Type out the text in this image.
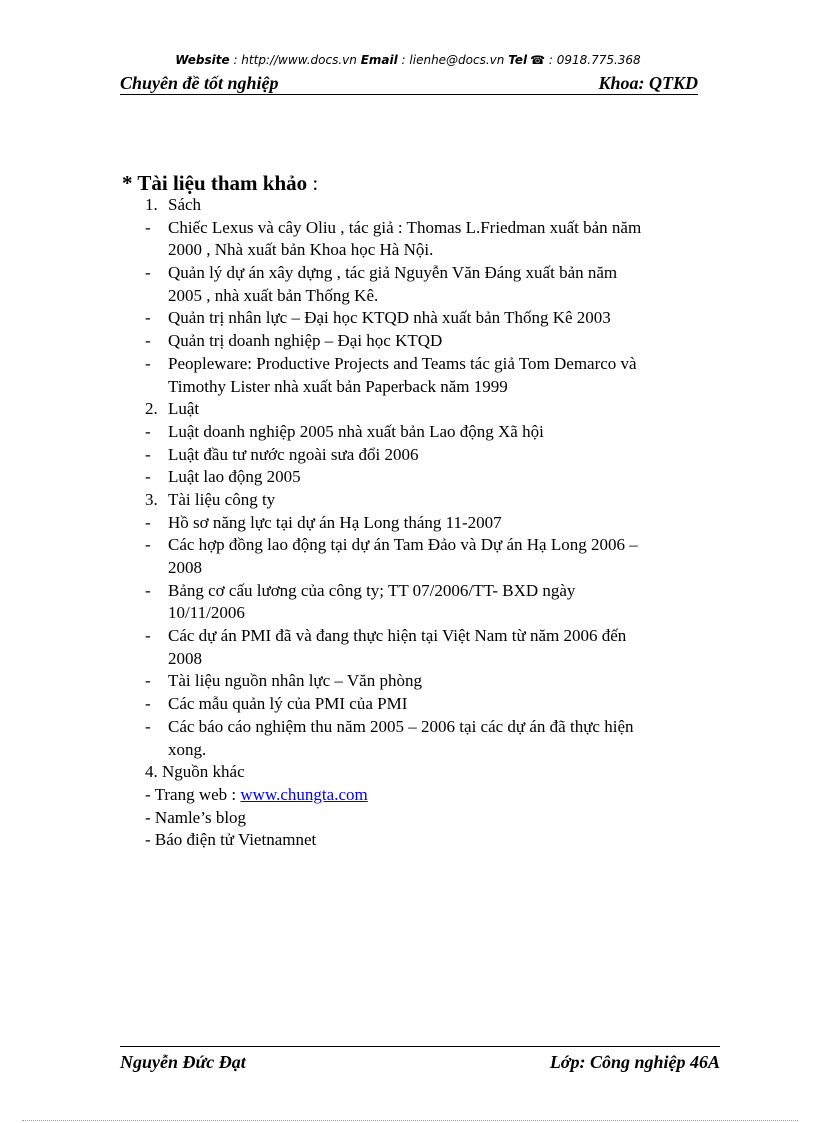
Website : http://www.docs.vn Email : lienhe@docs.vn Tel ☎ : 0918.775.368
Chuyên đề tốt nghiệp	Khoa: QTKD
* Tài liệu tham khảo :
1. Sách
- Chiếc Lexus và cây Oliu , tác giả : Thomas L.Friedman xuất bản năm
2000 , Nhà xuất bản Khoa học Hà Nội.
- Quản lý dự án xây dựng , tác giả Nguyễn Văn Đáng xuất bản năm
2005 , nhà xuất bản Thống Kê.
- Quản trị nhân lực – Đại học KTQD nhà xuất bản Thống Kê 2003
- Quản trị doanh nghiệp – Đại học KTQD
- Peopleware: Productive Projects and Teams tác giả Tom Demarco và
Timothy Lister nhà xuất bản Paperback năm 1999
2. Luật
- Luật doanh nghiệp 2005 nhà xuất bản Lao động Xã hội
- Luật đầu tư nước ngoài sưa đổi 2006
- Luật lao động 2005
3. Tài liệu công ty
- Hồ sơ năng lực tại dự án Hạ Long tháng 11-2007
- Các hợp đồng lao động tại dự án Tam Đảo và Dự án Hạ Long 2006 –
2008
- Bảng cơ cấu lương của công ty; TT 07/2006/TT- BXD ngày
10/11/2006
- Các dự án PMI đã và đang thực hiện tại Việt Nam từ năm 2006 đến
2008
- Tài liệu nguồn nhân lực – Văn phòng
- Các mẫu quản lý của PMI của PMI
- Các báo cáo nghiệm thu năm 2005 – 2006 tại các dự án đã thực hiện
xong.
4. Nguồn khác
- Trang web : www.chungta.com
- Namle’s blog
- Báo điện tử Vietnamnet
Nguyễn Đức Đạt	Lớp: Công nghiệp 46A
